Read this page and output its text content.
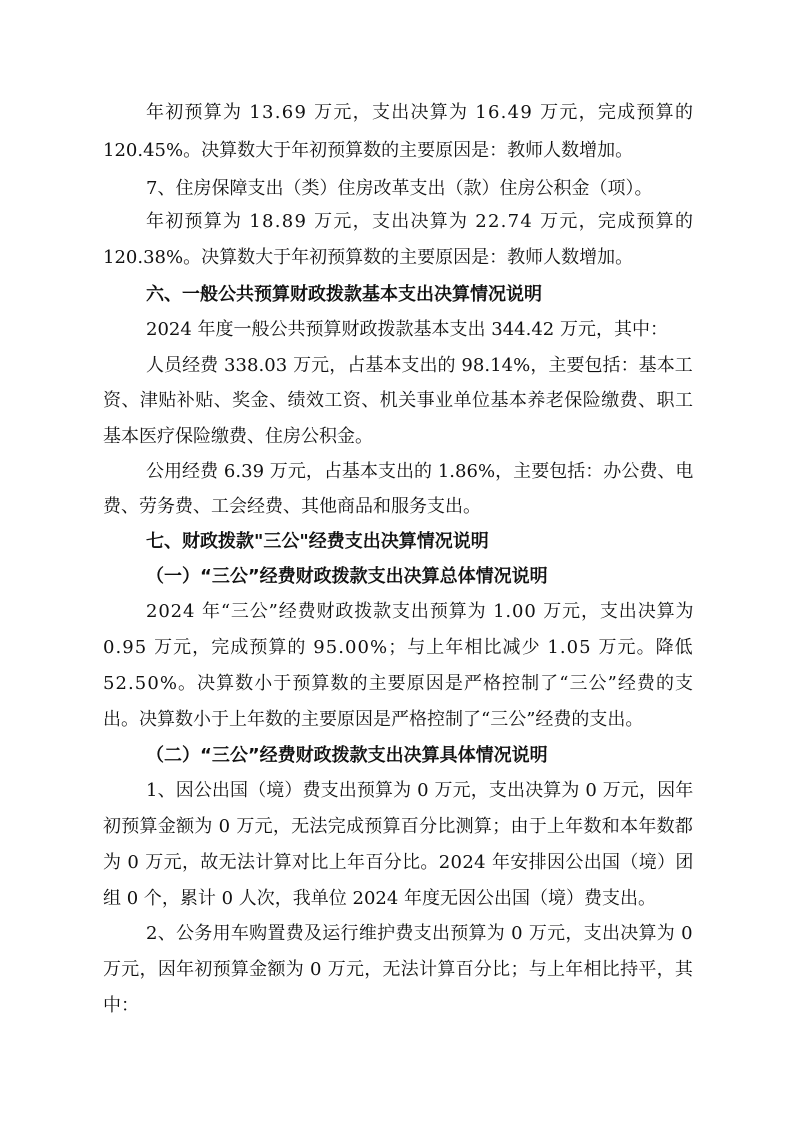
年初预算为 13.69 万元，支出决算为 16.49 万元，完成预算的
120.45%。决算数大于年初预算数的主要原因是：教师人数增加。
7、住房保障支出（类）住房改革支出（款）住房公积金（项）。
年初预算为 18.89 万元，支出决算为 22.74 万元，完成预算的
120.38%。决算数大于年初预算数的主要原因是：教师人数增加。
六、一般公共预算财政拨款基本支出决算情况说明
2024 年度一般公共预算财政拨款基本支出 344.42 万元，其中：
人员经费 338.03 万元，占基本支出的 98.14%，主要包括：基本工
资、津贴补贴、奖金、绩效工资、机关事业单位基本养老保险缴费、职工
基本医疗保险缴费、住房公积金。
公用经费 6.39 万元，占基本支出的 1.86%，主要包括：办公费、电
费、劳务费、工会经费、其他商品和服务支出。
七、财政拨款"三公"经费支出决算情况说明
（一）“三公”经费财政拨款支出决算总体情况说明
2024 年“三公”经费财政拨款支出预算为 1.00 万元，支出决算为
0.95 万元，完成预算的 95.00%；与上年相比减少 1.05 万元。降低
52.50%。决算数小于预算数的主要原因是严格控制了“三公”经费的支
出。决算数小于上年数的主要原因是严格控制了“三公”经费的支出。
（二）“三公”经费财政拨款支出决算具体情况说明
1、因公出国（境）费支出预算为 0 万元，支出决算为 0 万元，因年
初预算金额为 0 万元，无法完成预算百分比测算；由于上年数和本年数都
为 0 万元，故无法计算对比上年百分比。2024 年安排因公出国（境）团
组 0 个，累计 0 人次，我单位 2024 年度无因公出国（境）费支出。
2、公务用车购置费及运行维护费支出预算为 0 万元，支出决算为 0
万元，因年初预算金额为 0 万元，无法计算百分比；与上年相比持平，其
中：
